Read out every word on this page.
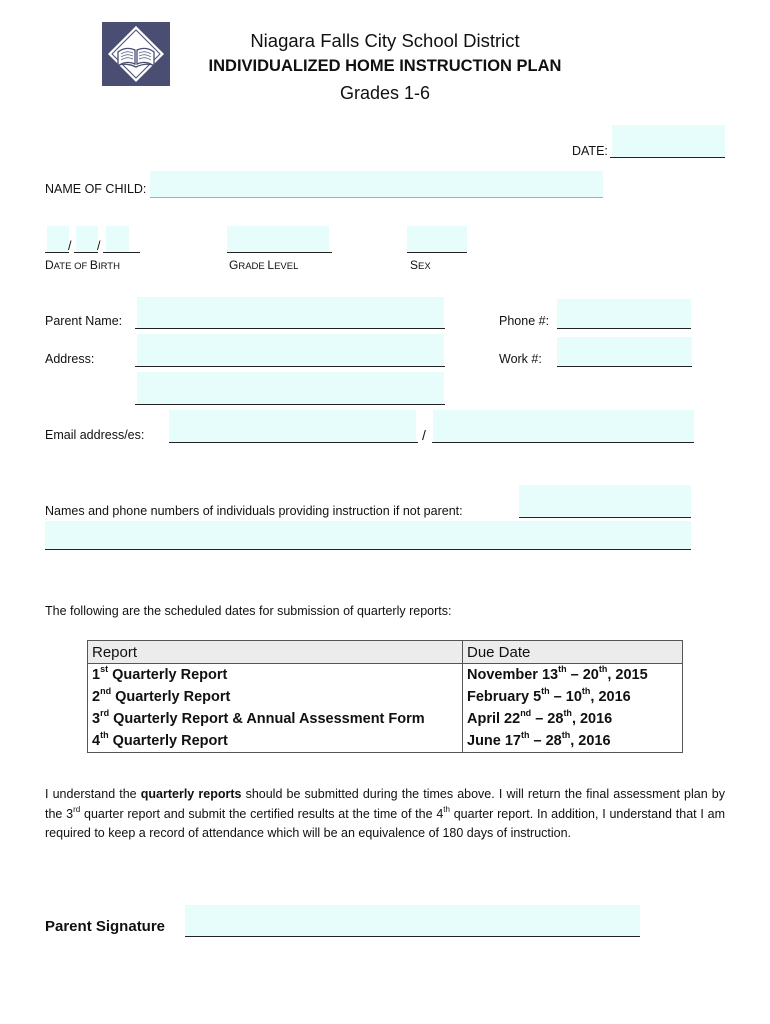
Niagara Falls City School District
INDIVIDUALIZED HOME INSTRUCTION PLAN
Grades 1-6
DATE:
NAME OF CHILD:
/ /
DATE OF BIRTH	GRADE LEVEL	SEX
Parent Name:	Phone #:
Address:	Work #:
Email address/es:	/
Names and phone numbers of individuals providing instruction if not parent:
The following are the scheduled dates for submission of quarterly reports:
Report	Due Date
1st Quarterly Report	November 13th – 20th, 2015
2nd Quarterly Report	February 5th – 10th, 2016
3rd Quarterly Report & Annual Assessment Form	April 22nd – 28th, 2016
4th Quarterly Report	June 17th – 28th, 2016
I understand the quarterly reports should be submitted during the times above. I will return the final assessment plan by the 3rd quarter report and submit the certified results at the time of the 4th quarter report. In addition, I understand that I am required to keep a record of attendance which will be an equivalence of 180 days of instruction.
Parent Signature
